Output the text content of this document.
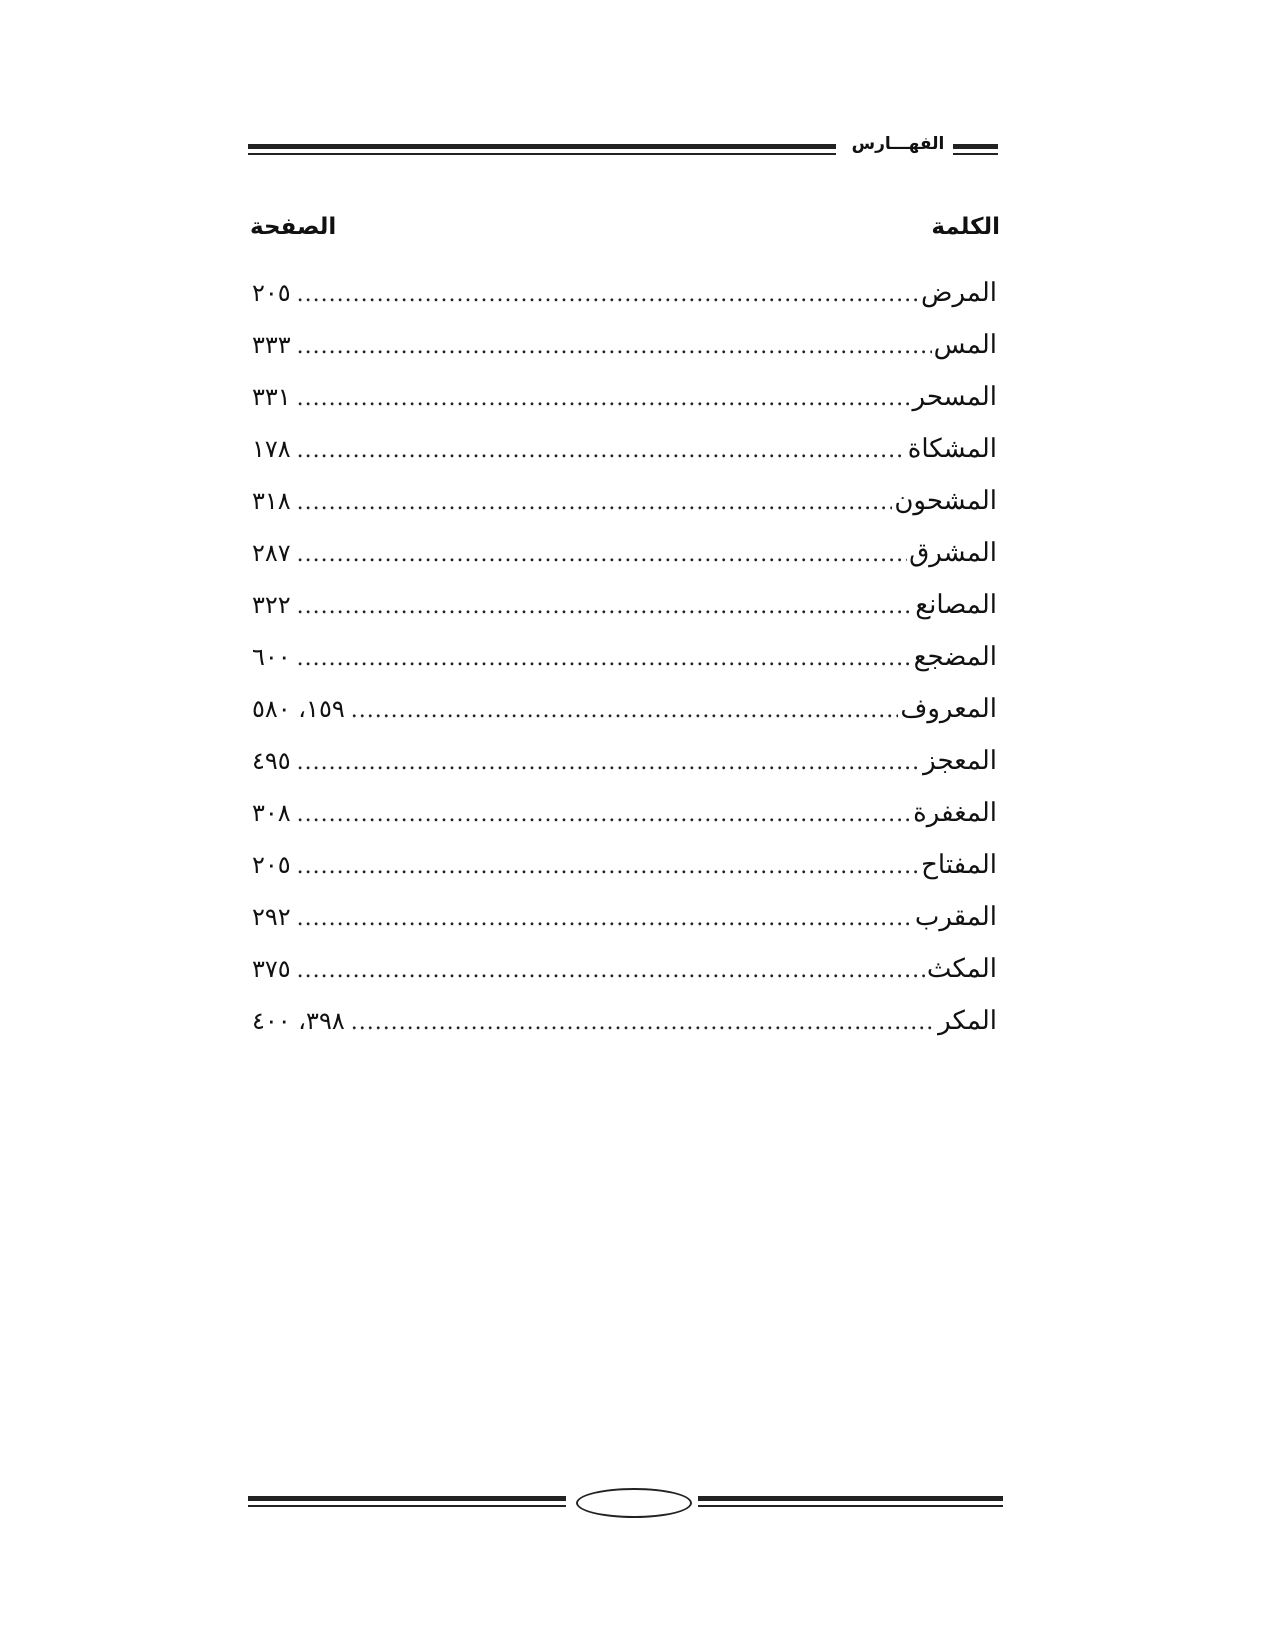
الفهـــارس
الكلمة
الصفحة
المرض
.....
٢٠٥
المس
.....
٣٣٣
المسحر
.....
٣٣١
المشكاة
.....
١٧٨
المشحون
.....
٣١٨
المشرق
.....
٢٨٧
المصانع
.....
٣٢٢
المضجع
.....
٦٠٠
المعروف
.....
١٥٩، ٥٨٠
المعجز
.....
٤٩٥
المغفرة
.....
٣٠٨
المفتاح
.....
٢٠٥
المقرب
.....
٢٩٢
المكث
.....
٣٧٥
المكر
.....
٣٩٨، ٤٠٠
